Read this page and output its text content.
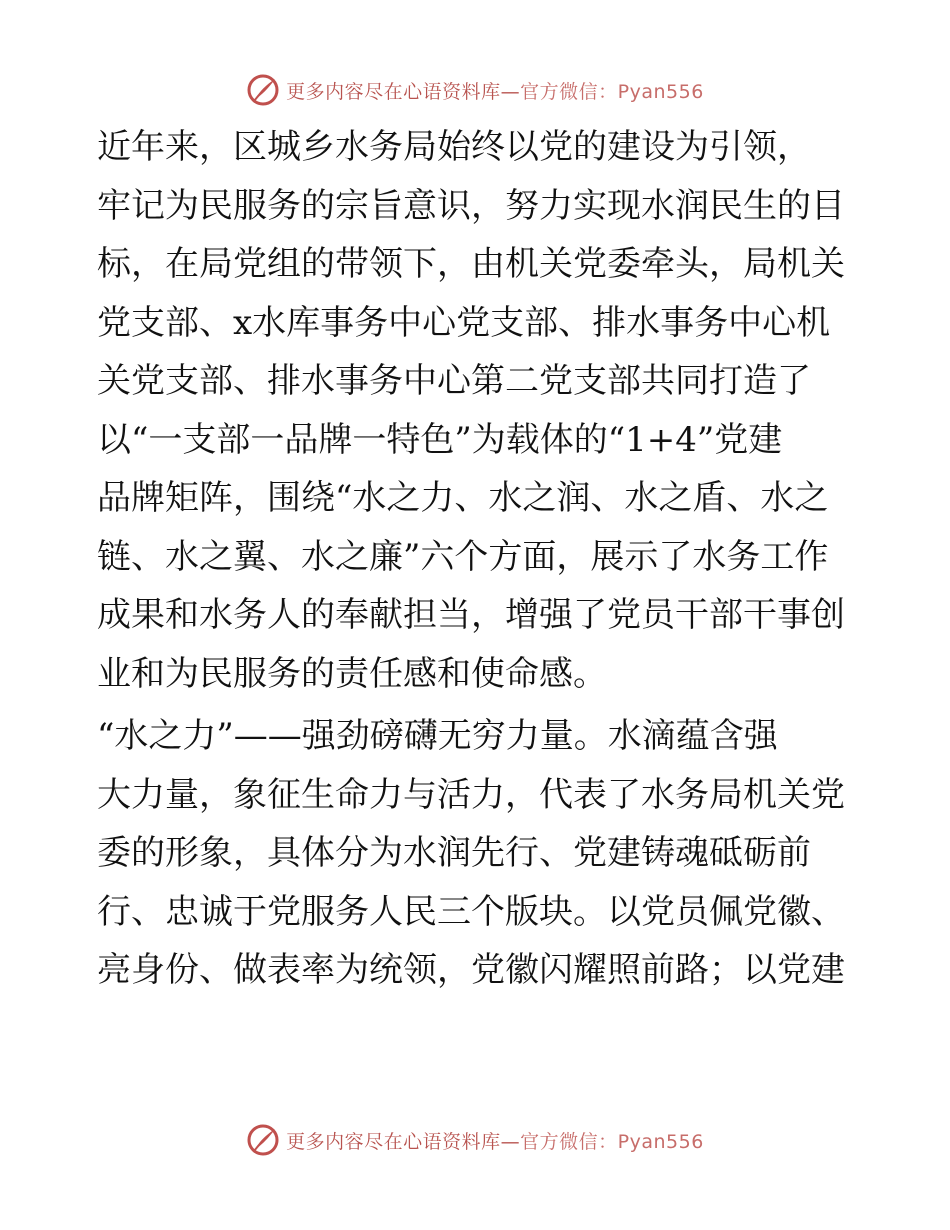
更多内容尽在心语资料库—官方微信：Pyan556

近年来，区城乡水务局始终以党的建设为引领，
牢记为民服务的宗旨意识，努力实现水润民生的目
标，在局党组的带领下，由机关党委牵头，局机关
党支部、x水库事务中心党支部、排水事务中心机
关党支部、排水事务中心第二党支部共同打造了
以“一支部一品牌一特色”为载体的“1+4”党建
品牌矩阵，围绕“水之力、水之润、水之盾、水之
链、水之翼、水之廉”六个方面，展示了水务工作
成果和水务人的奉献担当，增强了党员干部干事创
业和为民服务的责任感和使命感。

“水之力”——强劲磅礴无穷力量。水滴蕴含强
大力量，象征生命力与活力，代表了水务局机关党
委的形象，具体分为水润先行、党建铸魂砥砺前
行、忠诚于党服务人民三个版块。以党员佩党徽、
亮身份、做表率为统领，党徽闪耀照前路；以党建

更多内容尽在心语资料库—官方微信：Pyan556
